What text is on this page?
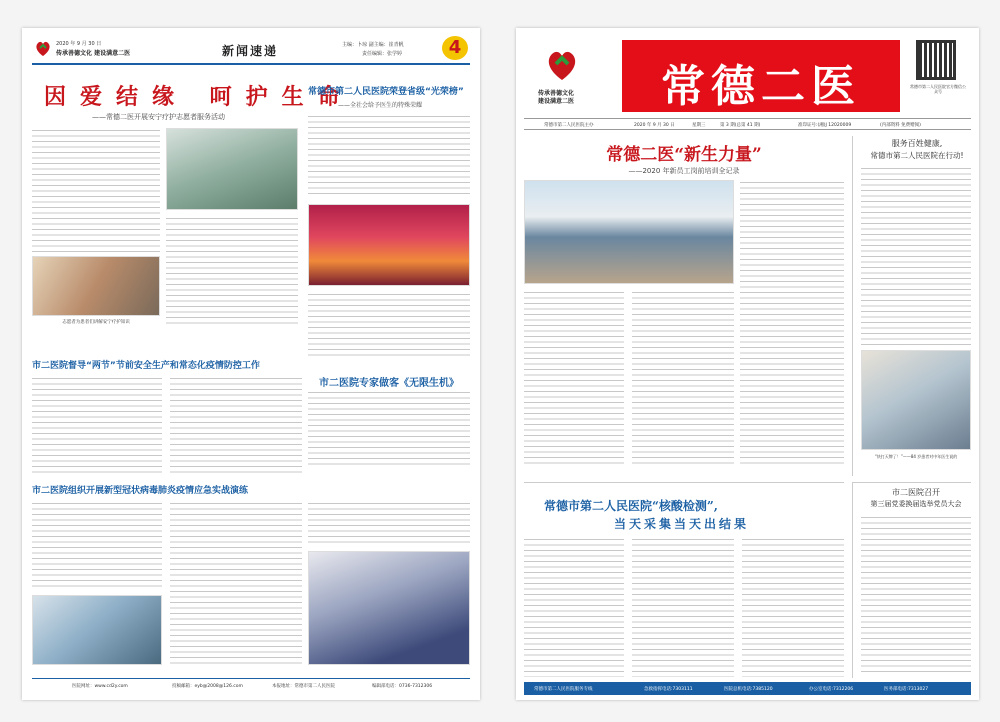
2020 年 9 月 30 日
传承善德文化 建设满意二医	新闻速递	主编：卜琼 副主编：崔青帆
责任编辑：张学婷	4
因爱结缘 呵护生命
——常德二医开展安宁疗护志愿者服务活动
志愿者为患者们讲解安宁疗护知识
常德市第二人民医院荣登省级“光荣榜”
——全社会给予医生的特殊荣耀
市二医院督导“两节”节前安全生产和常态化疫情防控工作
市二医院专家做客《无限生机》
市二医院组织开展新型冠状病毒肺炎疫情应急实战演练
医院网址：www.cd2y.com	投稿邮箱：eyb@2008@126.com	本报地址：常德市第二人民医院	编辑部电话：0736-7312306
传承善德文化
建设满意二医	常德二医	常德市第二人民医院官方微信公众号
常德市第二人民医院主办	2020 年 9 月 30 日	星期三	第 3 期(总第 41 期)	准印证号:(湘)J 12020009	(内部资料 免费赠阅)
常德二医“新生力量”
——2020 年新员工岗前培训全记录
服务百姓健康,
常德市第二人民医院在行动!
“快打天牌了！”——84 岁患者对中年医生说的
常德市第二人民医院“核酸检测”,
当天采集当天出结果
市二医院召开
第三届党委换届选举党员大会
常德市第二人民医院服务专线	急救指挥电话:7303111	医院总机电话:7385120	办公室电话:7312206	医务部电话:7313027
